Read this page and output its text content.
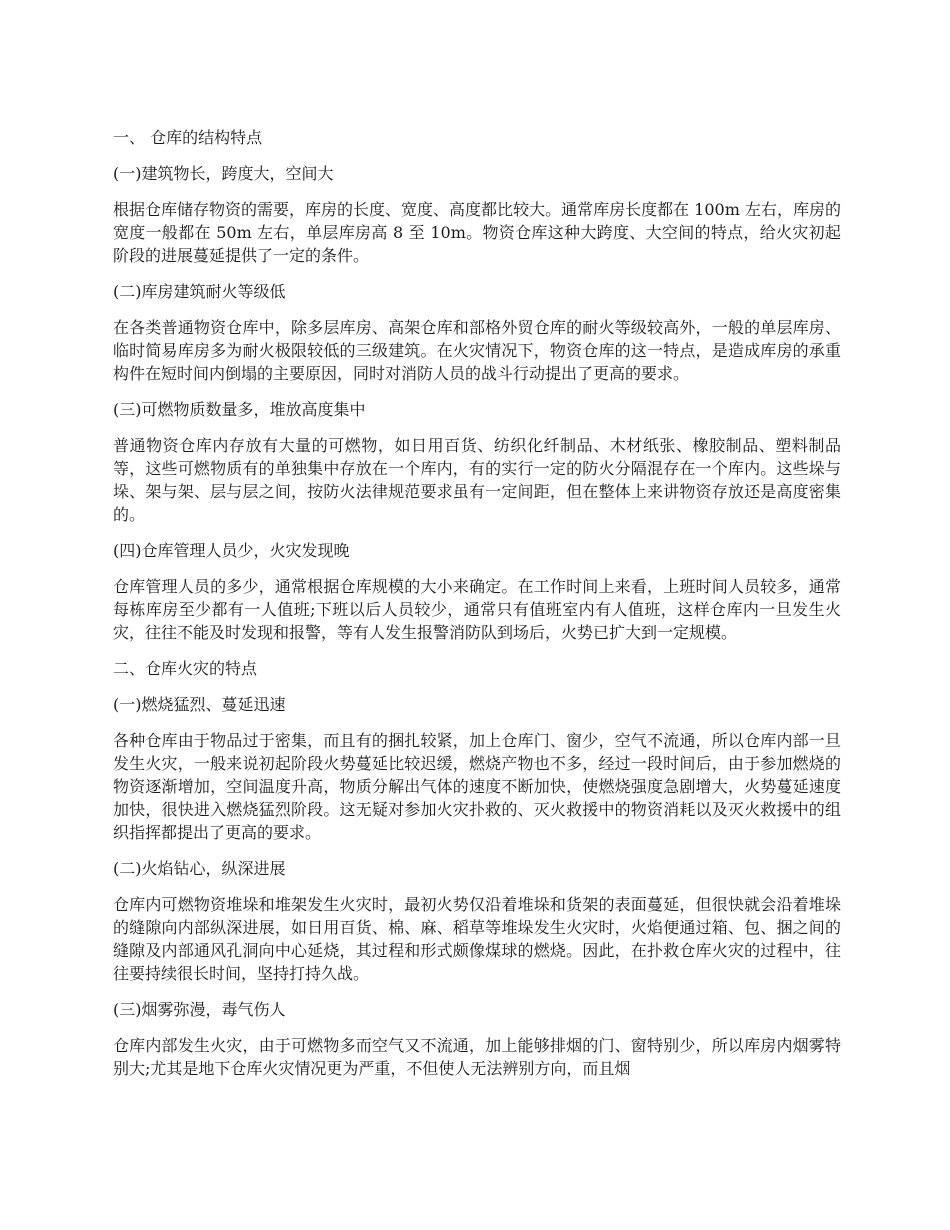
一、 仓库的结构特点
(一)建筑物长，跨度大，空间大
根据仓库储存物资的需要，库房的长度、宽度、高度都比较大。通常库房长度都在 100m 左右，库房的宽度一般都在 50m 左右，单层库房高 8 至 10m。物资仓库这种大跨度、大空间的特点，给火灾初起阶段的进展蔓延提供了一定的条件。
(二)库房建筑耐火等级低
在各类普通物资仓库中，除多层库房、高架仓库和部格外贸仓库的耐火等级较高外，一般的单层库房、临时简易库房多为耐火极限较低的三级建筑。在火灾情况下，物资仓库的这一特点，是造成库房的承重构件在短时间内倒塌的主要原因，同时对消防人员的战斗行动提出了更高的要求。
(三)可燃物质数量多，堆放高度集中
普通物资仓库内存放有大量的可燃物，如日用百货、纺织化纤制品、木材纸张、橡胶制品、塑料制品等，这些可燃物质有的单独集中存放在一个库内，有的实行一定的防火分隔混存在一个库内。这些垛与垛、架与架、层与层之间，按防火法律规范要求虽有一定间距，但在整体上来讲物资存放还是高度密集的。
(四)仓库管理人员少，火灾发现晚
仓库管理人员的多少，通常根据仓库规模的大小来确定。在工作时间上来看，上班时间人员较多，通常每栋库房至少都有一人值班;下班以后人员较少，通常只有值班室内有人值班，这样仓库内一旦发生火灾，往往不能及时发现和报警，等有人发生报警消防队到场后，火势已扩大到一定规模。
二、仓库火灾的特点
(一)燃烧猛烈、蔓延迅速
各种仓库由于物品过于密集，而且有的捆扎较紧，加上仓库门、窗少，空气不流通，所以仓库内部一旦发生火灾，一般来说初起阶段火势蔓延比较迟缓，燃烧产物也不多，经过一段时间后，由于参加燃烧的物资逐渐增加，空间温度升高，物质分解出气体的速度不断加快，使燃烧强度急剧增大，火势蔓延速度加快，很快进入燃烧猛烈阶段。这无疑对参加火灾扑救的、灭火救援中的物资消耗以及灭火救援中的组织指挥都提出了更高的要求。
(二)火焰钻心，纵深进展
仓库内可燃物资堆垛和堆架发生火灾时，最初火势仅沿着堆垛和货架的表面蔓延，但很快就会沿着堆垛的缝隙向内部纵深进展，如日用百货、棉、麻、稻草等堆垛发生火灾时，火焰便通过箱、包、捆之间的缝隙及内部通风孔洞向中心延烧，其过程和形式颇像煤球的燃烧。因此，在扑救仓库火灾的过程中，往往要持续很长时间，坚持打持久战。
(三)烟雾弥漫，毒气伤人
仓库内部发生火灾，由于可燃物多而空气又不流通，加上能够排烟的门、窗特别少，所以库房内烟雾特别大;尤其是地下仓库火灾情况更为严重，不但使人无法辨别方向，而且烟
